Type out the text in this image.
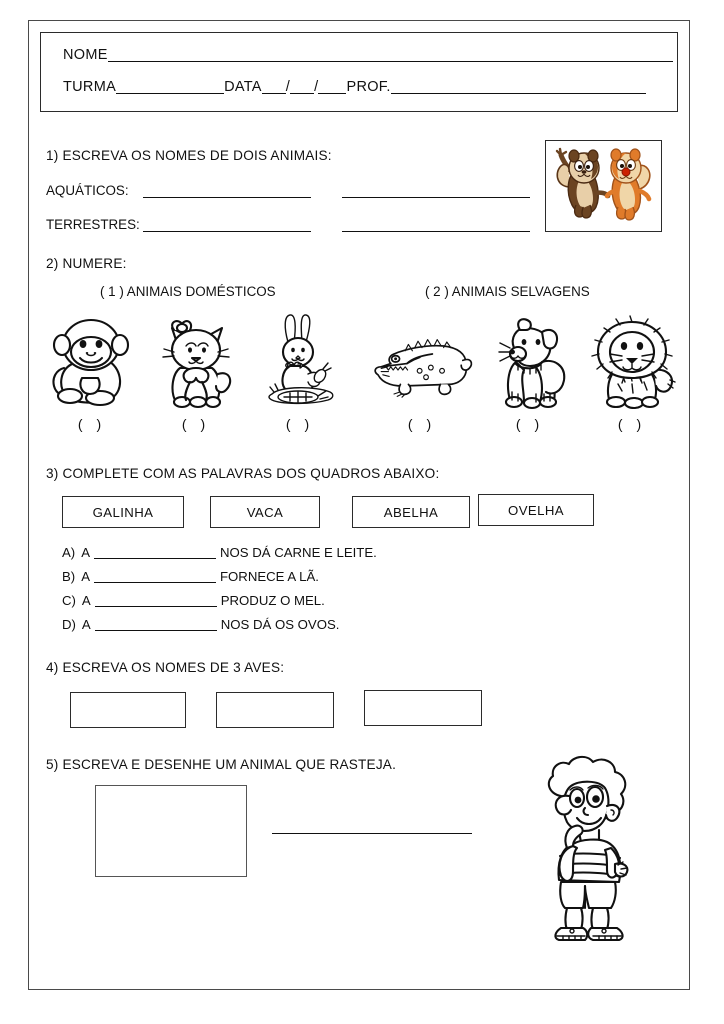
NOME
TURMA	DATA / / PROF.
1) ESCREVA OS NOMES DE DOIS ANIMAIS:
AQUÁTICOS:
TERRESTRES:
2) NUMERE:
( 1 ) ANIMAIS DOMÉSTICOS	( 2 ) ANIMAIS SELVAGENS
( )	( )	( )	( )	( )	( )
3) COMPLETE COM AS PALAVRAS DOS QUADROS ABAIXO:
GALINHA	VACA	ABELHA	OVELHA
A) A	NOS DÁ CARNE E LEITE.
B) A	FORNECE A LÃ.
C) A	PRODUZ O MEL.
D) A	NOS DÁ OS OVOS.
4) ESCREVA OS NOMES DE 3 AVES:
5) ESCREVA E DESENHE UM ANIMAL QUE RASTEJA.
